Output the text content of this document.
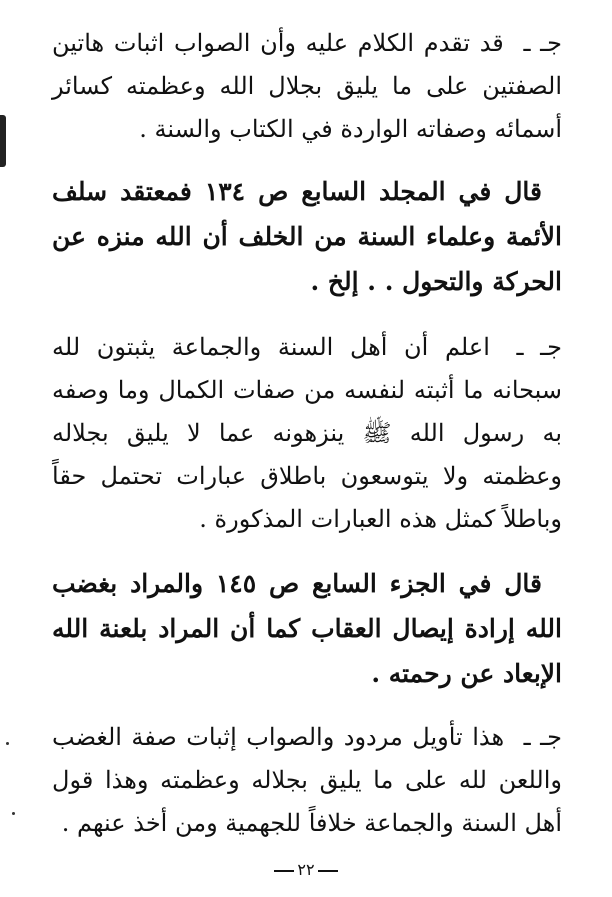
جـ ـ قد تقدم الكلام عليه وأن الصواب اثبات هاتين الصفتين على ما يليق بجلال الله وعظمته كسائر أسمائه وصفاته الواردة في الكتاب والسنة .

قال في المجلد السابع ص ١٣٤ فمعتقد سلف الأئمة وعلماء السنة من الخلف أن الله منزه عن الحركة والتحول . . إلخ .

جـ ـ اعلم أن أهل السنة والجماعة يثبتون لله سبحانه ما أثبته لنفسه من صفات الكمال وما وصفه به رسول الله ﷺ ينزهونه عما لا يليق بجلاله وعظمته ولا يتوسعون باطلاق عبارات تحتمل حقاً وباطلاً كمثل هذه العبارات المذكورة .

قال في الجزء السابع ص ١٤٥ والمراد بغضب الله إرادة إيصال العقاب كما أن المراد بلعنة الله الإبعاد عن رحمته .

جـ ـ هذا تأويل مردود والصواب إثبات صفة الغضب واللعن لله على ما يليق بجلاله وعظمته وهذا قول أهل السنة والجماعة خلافاً للجهمية ومن أخذ عنهم .

٢٢
